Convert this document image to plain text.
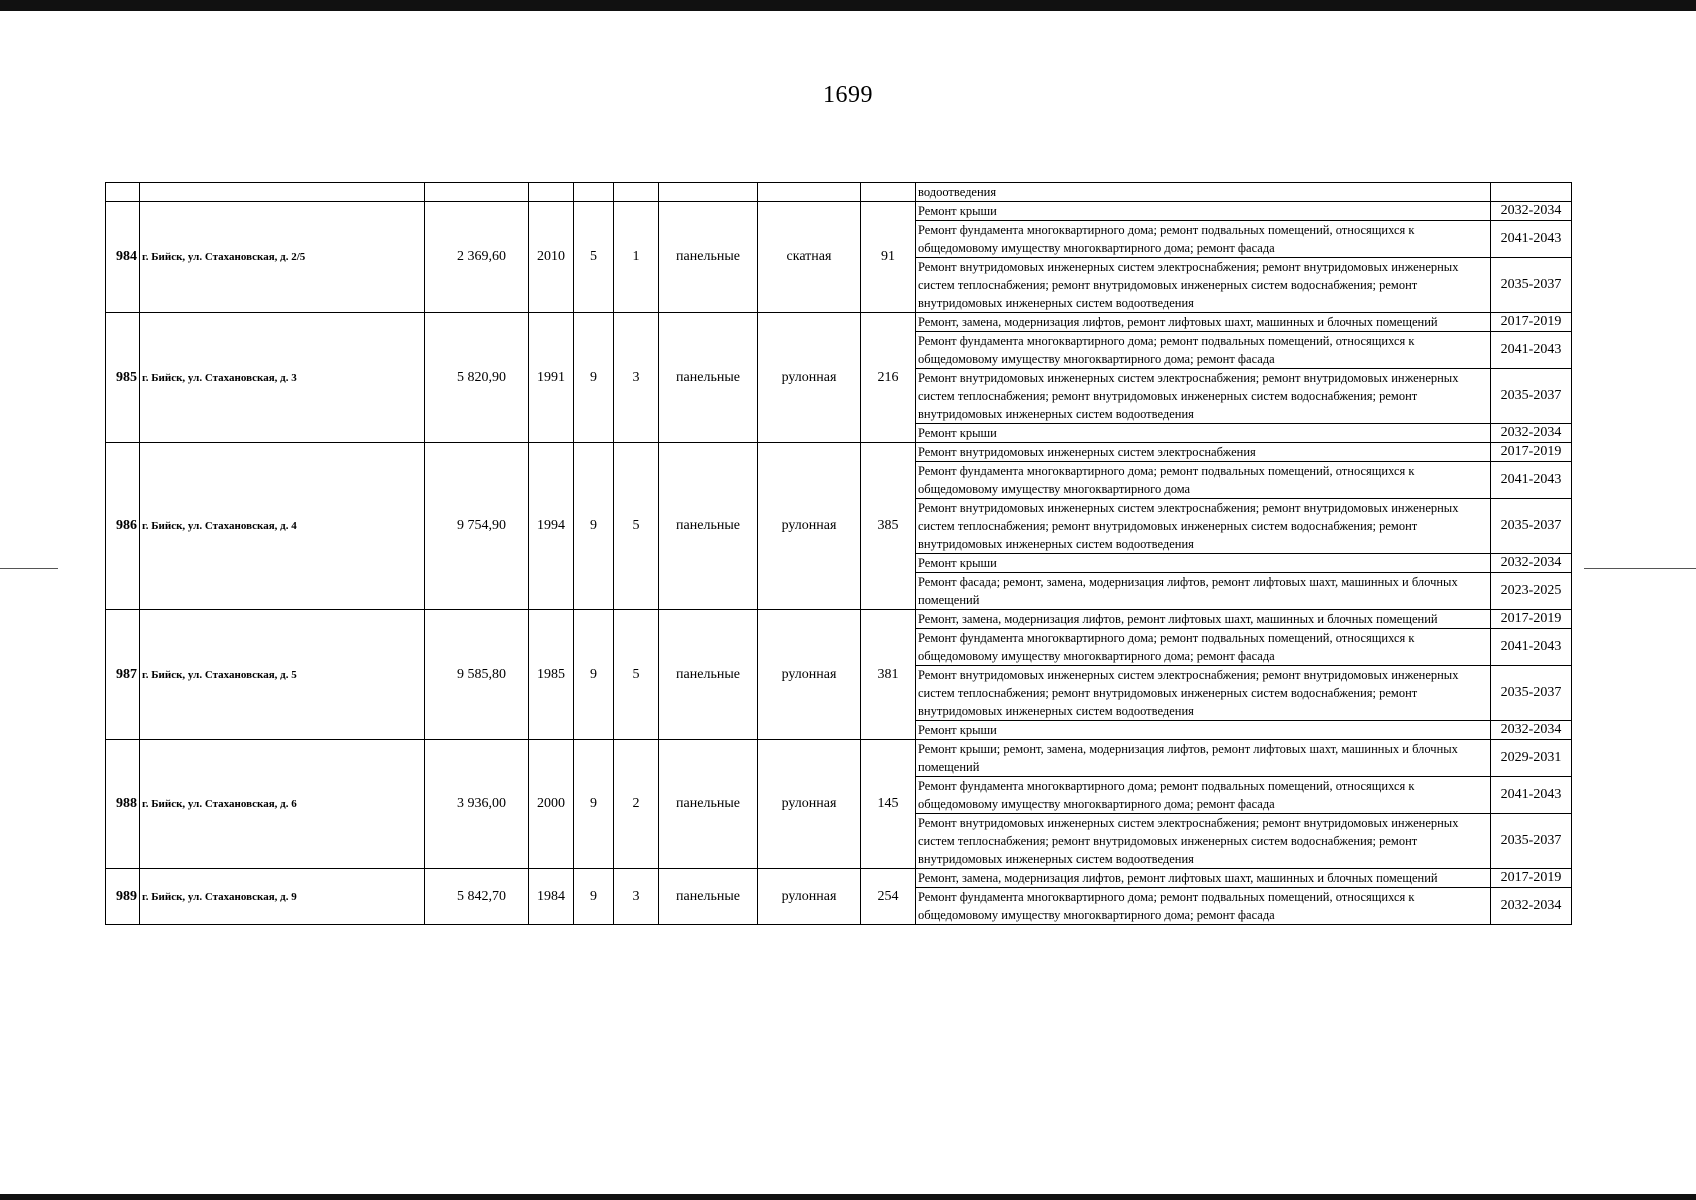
1699
									водоотведения	
984	г. Бийск, ул. Стахановская, д. 2/5	2 369,60	2010	5	1	панельные	скатная	91	Ремонт крыши	2032-2034
									Ремонт фундамента многоквартирного дома; ремонт подвальных помещений, относящихся к общедомовому имуществу многоквартирного дома; ремонт фасада	2041-2043
									Ремонт внутридомовых инженерных систем электроснабжения; ремонт внутридомовых инженерных систем теплоснабжения; ремонт внутридомовых инженерных систем водоснабжения; ремонт внутридомовых инженерных систем водоотведения	2035-2037
985	г. Бийск, ул. Стахановская, д. 3	5 820,90	1991	9	3	панельные	рулонная	216	Ремонт, замена, модернизация лифтов, ремонт лифтовых шахт, машинных и блочных помещений	2017-2019
									Ремонт фундамента многоквартирного дома; ремонт подвальных помещений, относящихся к общедомовому имуществу многоквартирного дома; ремонт фасада	2041-2043
									Ремонт внутридомовых инженерных систем электроснабжения; ремонт внутридомовых инженерных систем теплоснабжения; ремонт внутридомовых инженерных систем водоснабжения; ремонт внутридомовых инженерных систем водоотведения	2035-2037
									Ремонт крыши	2032-2034
986	г. Бийск, ул. Стахановская, д. 4	9 754,90	1994	9	5	панельные	рулонная	385	Ремонт внутридомовых инженерных систем электроснабжения	2017-2019
									Ремонт фундамента многоквартирного дома; ремонт подвальных помещений, относящихся к общедомовому имуществу многоквартирного дома	2041-2043
									Ремонт внутридомовых инженерных систем электроснабжения; ремонт внутридомовых инженерных систем теплоснабжения; ремонт внутридомовых инженерных систем водоснабжения; ремонт внутридомовых инженерных систем водоотведения	2035-2037
									Ремонт крыши	2032-2034
									Ремонт фасада; ремонт, замена, модернизация лифтов, ремонт лифтовых шахт, машинных и блочных помещений	2023-2025
987	г. Бийск, ул. Стахановская, д. 5	9 585,80	1985	9	5	панельные	рулонная	381	Ремонт, замена, модернизация лифтов, ремонт лифтовых шахт, машинных и блочных помещений	2017-2019
									Ремонт фундамента многоквартирного дома; ремонт подвальных помещений, относящихся к общедомовому имуществу многоквартирного дома; ремонт фасада	2041-2043
									Ремонт внутридомовых инженерных систем электроснабжения; ремонт внутридомовых инженерных систем теплоснабжения; ремонт внутридомовых инженерных систем водоснабжения; ремонт внутридомовых инженерных систем водоотведения	2035-2037
									Ремонт крыши	2032-2034
988	г. Бийск, ул. Стахановская, д. 6	3 936,00	2000	9	2	панельные	рулонная	145	Ремонт крыши; ремонт, замена, модернизация лифтов, ремонт лифтовых шахт, машинных и блочных помещений	2029-2031
									Ремонт фундамента многоквартирного дома; ремонт подвальных помещений, относящихся к общедомовому имуществу многоквартирного дома; ремонт фасада	2041-2043
									Ремонт внутридомовых инженерных систем электроснабжения; ремонт внутридомовых инженерных систем теплоснабжения; ремонт внутридомовых инженерных систем водоснабжения; ремонт внутридомовых инженерных систем водоотведения	2035-2037
989	г. Бийск, ул. Стахановская, д. 9	5 842,70	1984	9	3	панельные	рулонная	254	Ремонт, замена, модернизация лифтов, ремонт лифтовых шахт, машинных и блочных помещений	2017-2019
									Ремонт фундамента многоквартирного дома; ремонт подвальных помещений, относящихся к общедомовому имуществу многоквартирного дома; ремонт фасада	2032-2034
